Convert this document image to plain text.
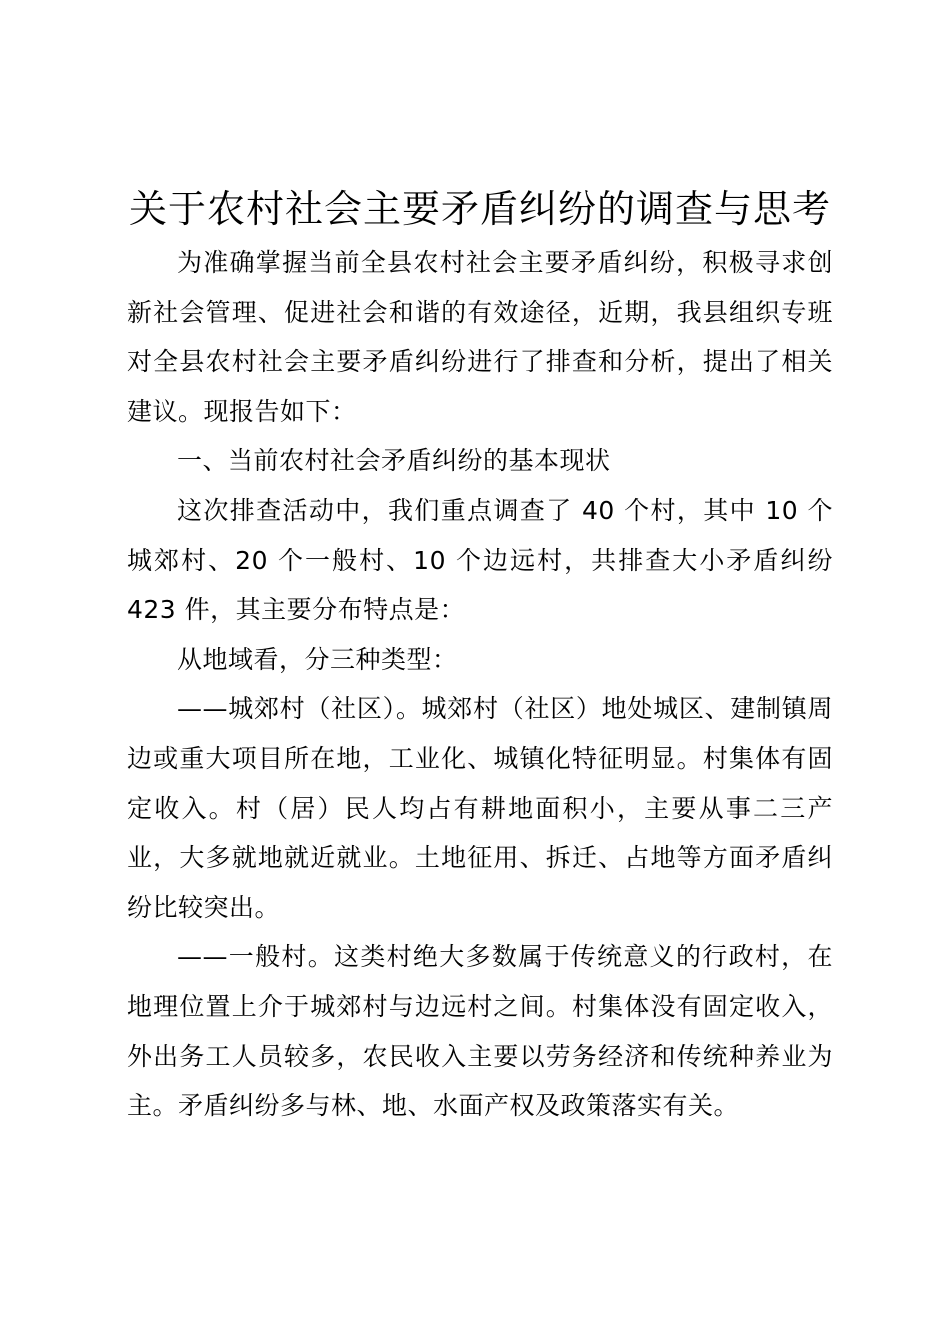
关于农村社会主要矛盾纠纷的调查与思考

为准确掌握当前全县农村社会主要矛盾纠纷，积极寻求创新社会管理、促进社会和谐的有效途径，近期，我县组织专班对全县农村社会主要矛盾纠纷进行了排查和分析，提出了相关建议。现报告如下：

一、当前农村社会矛盾纠纷的基本现状

这次排查活动中，我们重点调查了 40 个村，其中 10 个城郊村、20 个一般村、10 个边远村，共排查大小矛盾纠纷 423 件，其主要分布特点是：

从地域看，分三种类型：

——城郊村（社区）。城郊村（社区）地处城区、建制镇周边或重大项目所在地，工业化、城镇化特征明显。村集体有固定收入。村（居）民人均占有耕地面积小，主要从事二三产业，大多就地就近就业。土地征用、拆迁、占地等方面矛盾纠纷比较突出。

——一般村。这类村绝大多数属于传统意义的行政村，在地理位置上介于城郊村与边远村之间。村集体没有固定收入，外出务工人员较多，农民收入主要以劳务经济和传统种养业为主。矛盾纠纷多与林、地、水面产权及政策落实有关。
